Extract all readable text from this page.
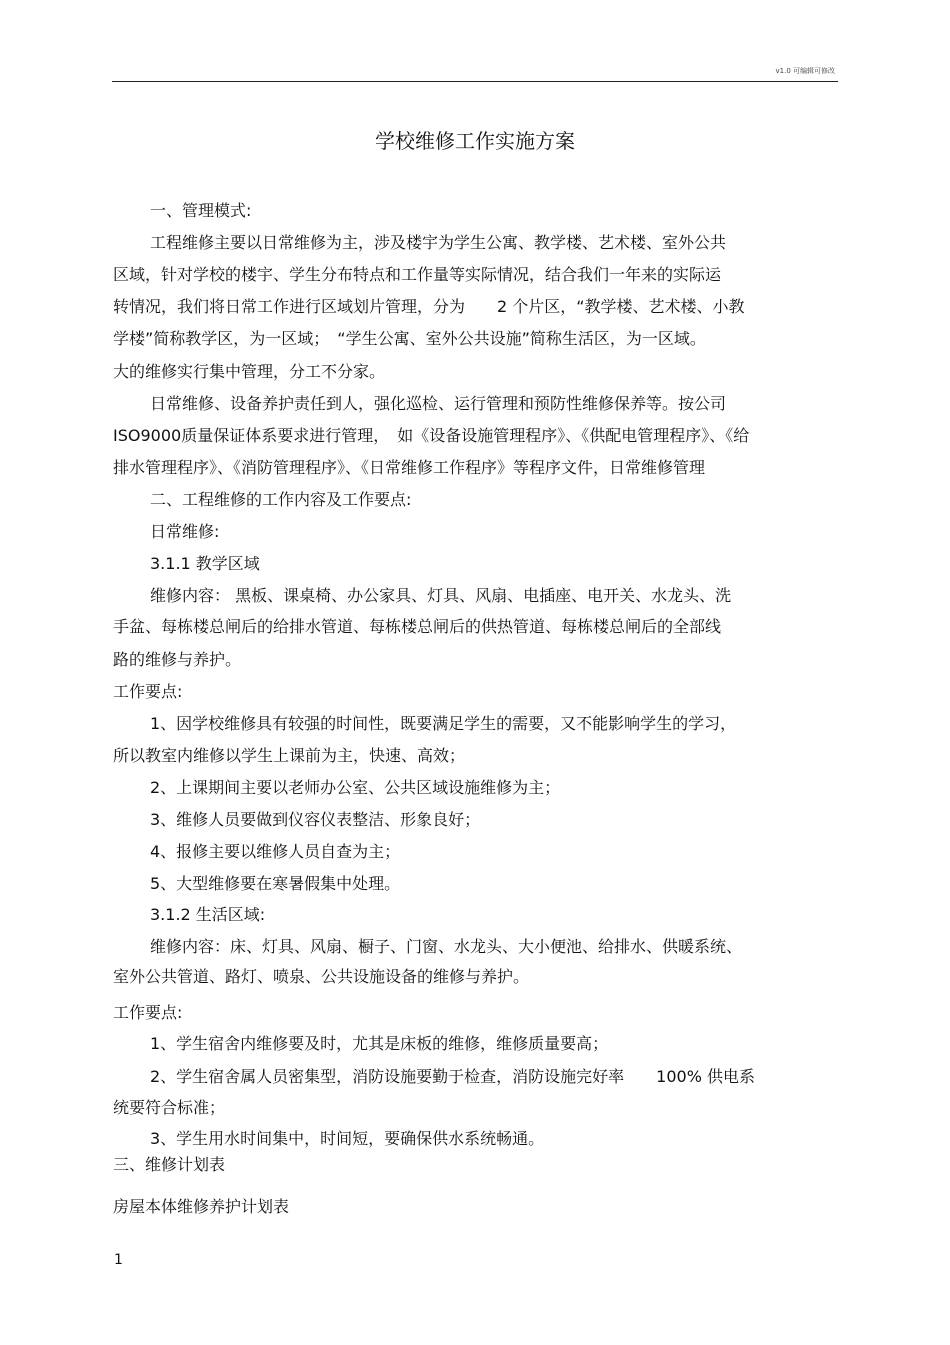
v1.0 可编辑可修改
学校维修工作实施方案
一、管理模式:
工程维修主要以日常维修为主，涉及楼宇为学生公寓、教学楼、艺术楼、室外公共
区域，针对学校的楼宇、学生分布特点和工作量等实际情况，结合我们一年来的实际运
转情况，我们将日常工作进行区域划片管理，分为　　2 个片区，“教学楼、艺术楼、小教
学楼”简称教学区，为一区域；　“学生公寓、室外公共设施”简称生活区，为一区域。
大的维修实行集中管理，分工不分家。
日常维修、设备养护责任到人，强化巡检、运行管理和预防性维修保养等。按公司
ISO9000质量保证体系要求进行管理，　如《设备设施管理程序》、《供配电管理程序》、《给
排水管理程序》、《消防管理程序》、《日常维修工作程序》等程序文件，日常维修管理
二、工程维修的工作内容及工作要点:
日常维修:
3.1.1 教学区域
维修内容： 黑板、课桌椅、办公家具、灯具、风扇、电插座、电开关、水龙头、洗
手盆、每栋楼总闸后的给排水管道、每栋楼总闸后的供热管道、每栋楼总闸后的全部线
路的维修与养护。
工作要点:
1、因学校维修具有较强的时间性，既要满足学生的需要，又不能影响学生的学习，
所以教室内维修以学生上课前为主，快速、高效；
2、上课期间主要以老师办公室、公共区域设施维修为主；
3、维修人员要做到仪容仪表整洁、形象良好；
4、报修主要以维修人员自查为主；
5、大型维修要在寒暑假集中处理。
3.1.2 生活区域:
维修内容：床、灯具、风扇、橱子、门窗、水龙头、大小便池、给排水、供暖系统、
室外公共管道、路灯、喷泉、公共设施设备的维修与养护。
工作要点:
1、学生宿舍内维修要及时，尤其是床板的维修，维修质量要高；
2、学生宿舍属人员密集型，消防设施要勤于检查，消防设施完好率　　100% 供电系
统要符合标准；
3、学生用水时间集中，时间短，要确保供水系统畅通。
三、维修计划表
房屋本体维修养护计划表
1
